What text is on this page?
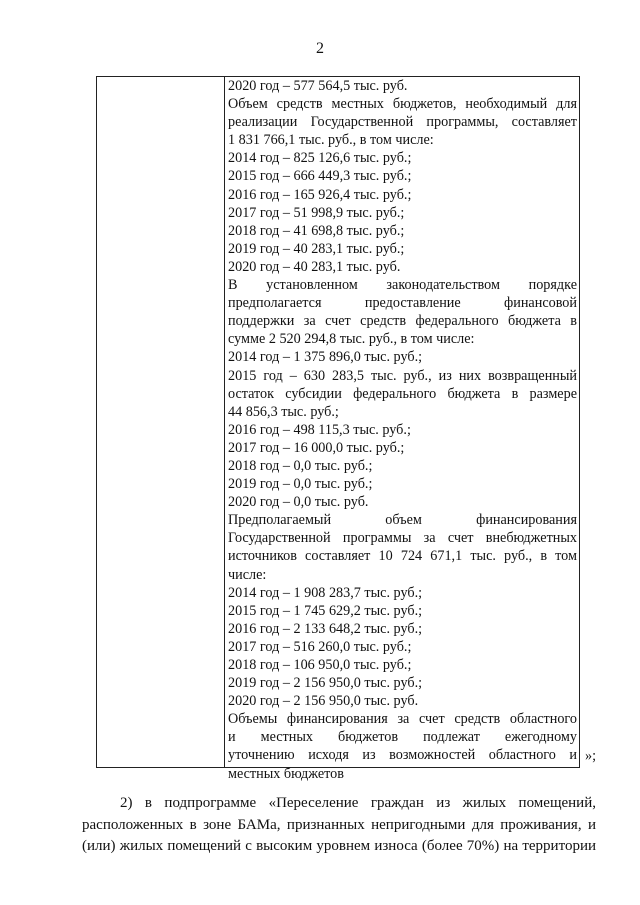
2
2020 год – 577 564,5 тыс. руб.
Объем средств местных бюджетов, необходимый для
реализации Государственной программы, составляет
1 831 766,1 тыс. руб., в том числе:
2014 год – 825 126,6 тыс. руб.;
2015 год – 666 449,3 тыс. руб.;
2016 год – 165 926,4 тыс. руб.;
2017 год – 51 998,9 тыс. руб.;
2018 год – 41 698,8 тыс. руб.;
2019 год – 40 283,1 тыс. руб.;
2020 год – 40 283,1 тыс. руб.
В установленном законодательством порядке
предполагается предоставление финансовой
поддержки за счет средств федерального бюджета в
сумме 2 520 294,8 тыс. руб., в том числе:
2014 год – 1 375 896,0 тыс. руб.;
2015 год – 630 283,5 тыс. руб., из них возвращенный
остаток субсидии федерального бюджета в размере
44 856,3 тыс. руб.;
2016 год – 498 115,3 тыс. руб.;
2017 год – 16 000,0 тыс. руб.;
2018 год – 0,0 тыс. руб.;
2019 год – 0,0 тыс. руб.;
2020 год – 0,0 тыс. руб.
Предполагаемый объем финансирования
Государственной программы за счет внебюджетных
источников составляет 10 724 671,1 тыс. руб., в том
числе:
2014 год – 1 908 283,7 тыс. руб.;
2015 год – 1 745 629,2 тыс. руб.;
2016 год – 2 133 648,2 тыс. руб.;
2017 год – 516 260,0 тыс. руб.;
2018 год – 106 950,0 тыс. руб.;
2019 год – 2 156 950,0 тыс. руб.;
2020 год – 2 156 950,0 тыс. руб.
Объемы финансирования за счет средств областного
и местных бюджетов подлежат ежегодному
уточнению исходя из возможностей областного и
местных бюджетов
»;
2) в подпрограмме «Переселение граждан из жилых помещений,
расположенных в зоне БАМа, признанных непригодными для проживания, и
(или) жилых помещений с высоким уровнем износа (более 70%) на территории
